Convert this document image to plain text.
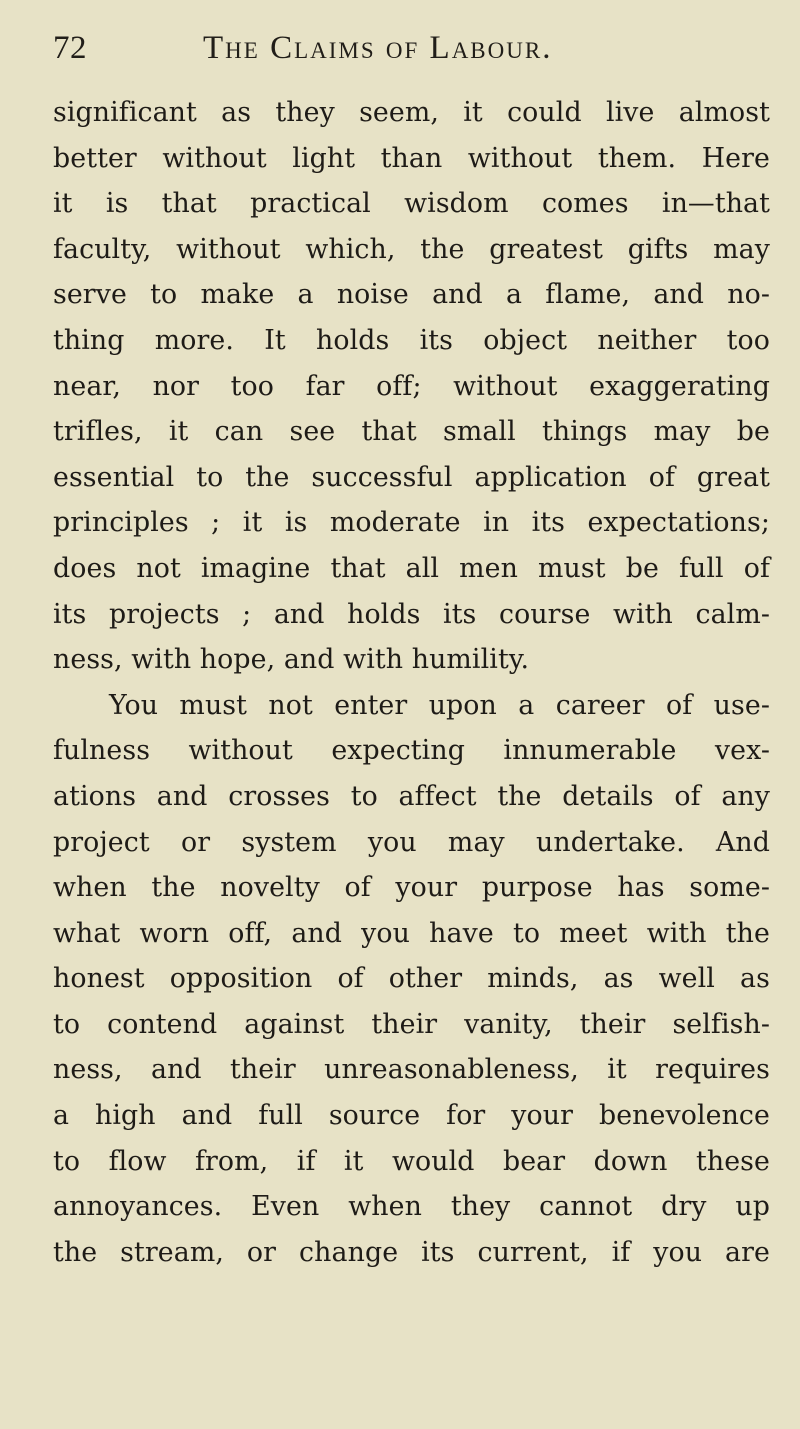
72	The Claims of Labour.
significant as they seem, it could live almost
better without light than without them. Here
it is that practical wisdom comes in—that
faculty, without which, the greatest gifts may
serve to make a noise and a flame, and no-
thing more. It holds its object neither too
near, nor too far off; without exaggerating
trifles, it can see that small things may be
essential to the successful application of great
principles ; it is moderate in its expectations;
does not imagine that all men must be full of
its projects ; and holds its course with calm-
ness, with hope, and with humility.
You must not enter upon a career of use-
fulness without expecting innumerable vex-
ations and crosses to affect the details of any
project or system you may undertake. And
when the novelty of your purpose has some-
what worn off, and you have to meet with the
honest opposition of other minds, as well as
to contend against their vanity, their selfish-
ness, and their unreasonableness, it requires
a high and full source for your benevolence
to flow from, if it would bear down these
annoyances. Even when they cannot dry up
the stream, or change its current, if you are
